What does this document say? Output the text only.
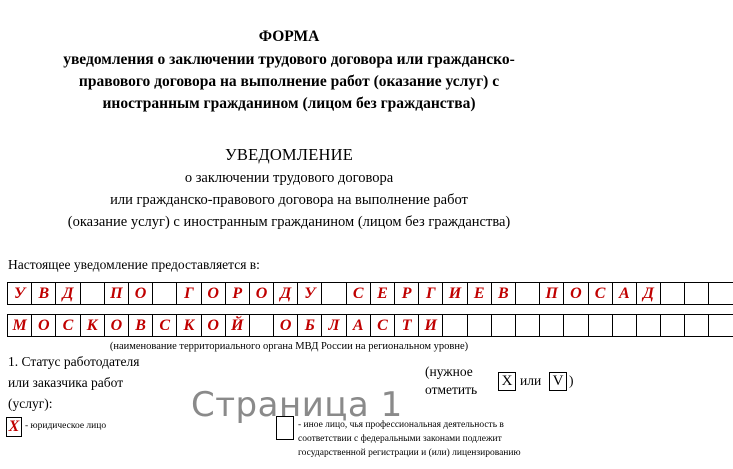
ФОРМА
уведомления о заключении трудового договора или гражданско-
правового договора на выполнение работ (оказание услуг) с
иностранным гражданином (лицом без гражданства)
УВЕДОМЛЕНИЕ
о заключении трудового договора
или гражданско-правового договора на выполнение работ
(оказание услуг) с иностранным гражданином (лицом без гражданства)
Настоящее уведомление предоставляется в:
У В Д	П О	Г О Р О Д У	С Е Р Г И Е В	П О С А Д
М О С К О В С К О Й	О Б Л А С Т И
(наименование территориального органа МВД России на региональном уровне)
1. Статус работодателя
или заказчика работ
(услуг):
(нужное
отметить
X или V )
Страница 1
X - юридическое лицо	- иное лицо, чья профессиональная деятельность в
соответствии с федеральными законами подлежит
государственной регистрации и (или) лицензированию
